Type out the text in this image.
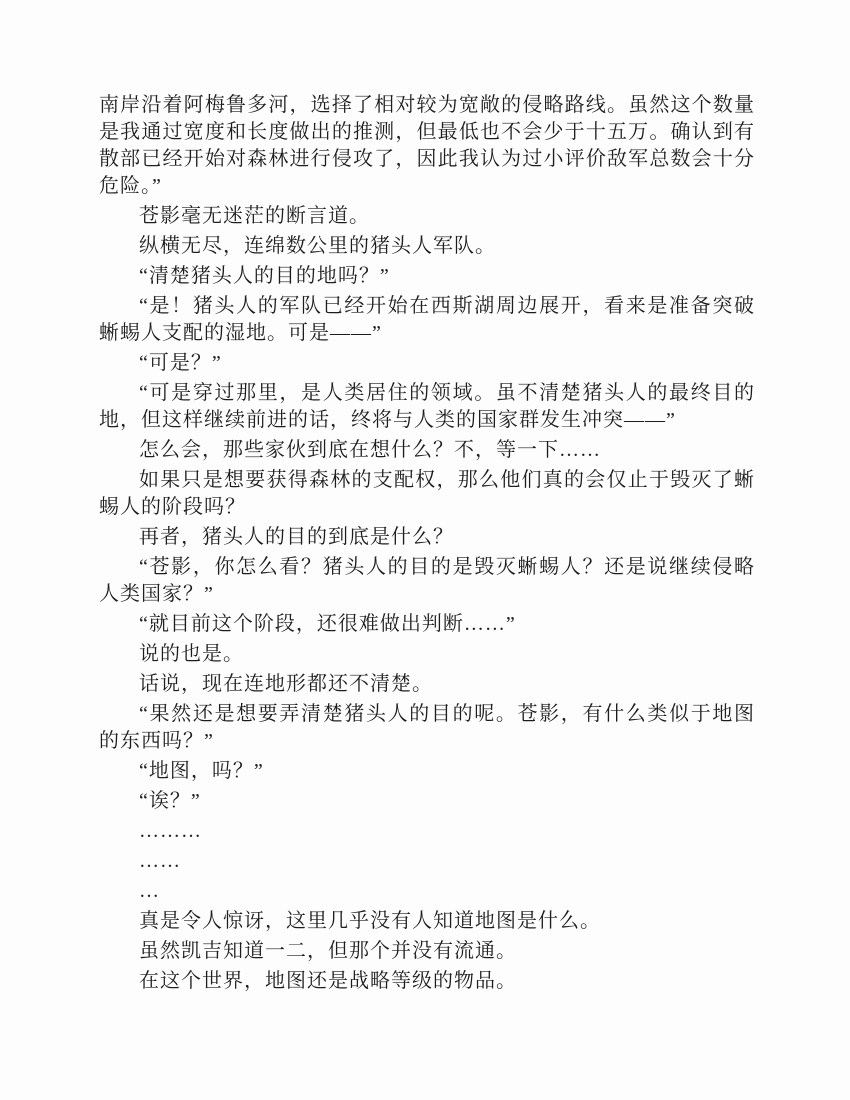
南岸沿着阿梅鲁多河，选择了相对较为宽敞的侵略路线。虽然这个数量是我通过宽度和长度做出的推测，但最低也不会少于十五万。确认到有散部已经开始对森林进行侵攻了，因此我认为过小评价敌军总数会十分危险。”

苍影毫无迷茫的断言道。

纵横无尽，连绵数公里的猪头人军队。

“清楚猪头人的目的地吗？”

“是！猪头人的军队已经开始在西斯湖周边展开，看来是准备突破蜥蜴人支配的湿地。可是——”

“可是？”

“可是穿过那里，是人类居住的领域。虽不清楚猪头人的最终目的地，但这样继续前进的话，终将与人类的国家群发生冲突——”

怎么会，那些家伙到底在想什么？不，等一下……

如果只是想要获得森林的支配权，那么他们真的会仅止于毁灭了蜥蜴人的阶段吗？

再者，猪头人的目的到底是什么？

“苍影，你怎么看？猪头人的目的是毁灭蜥蜴人？还是说继续侵略人类国家？”

“就目前这个阶段，还很难做出判断……”

说的也是。

话说，现在连地形都还不清楚。

“果然还是想要弄清楚猪头人的目的呢。苍影，有什么类似于地图的东西吗？”

“地图，吗？”

“诶？”

………

……

…

真是令人惊讶，这里几乎没有人知道地图是什么。

虽然凯吉知道一二，但那个并没有流通。

在这个世界，地图还是战略等级的物品。
